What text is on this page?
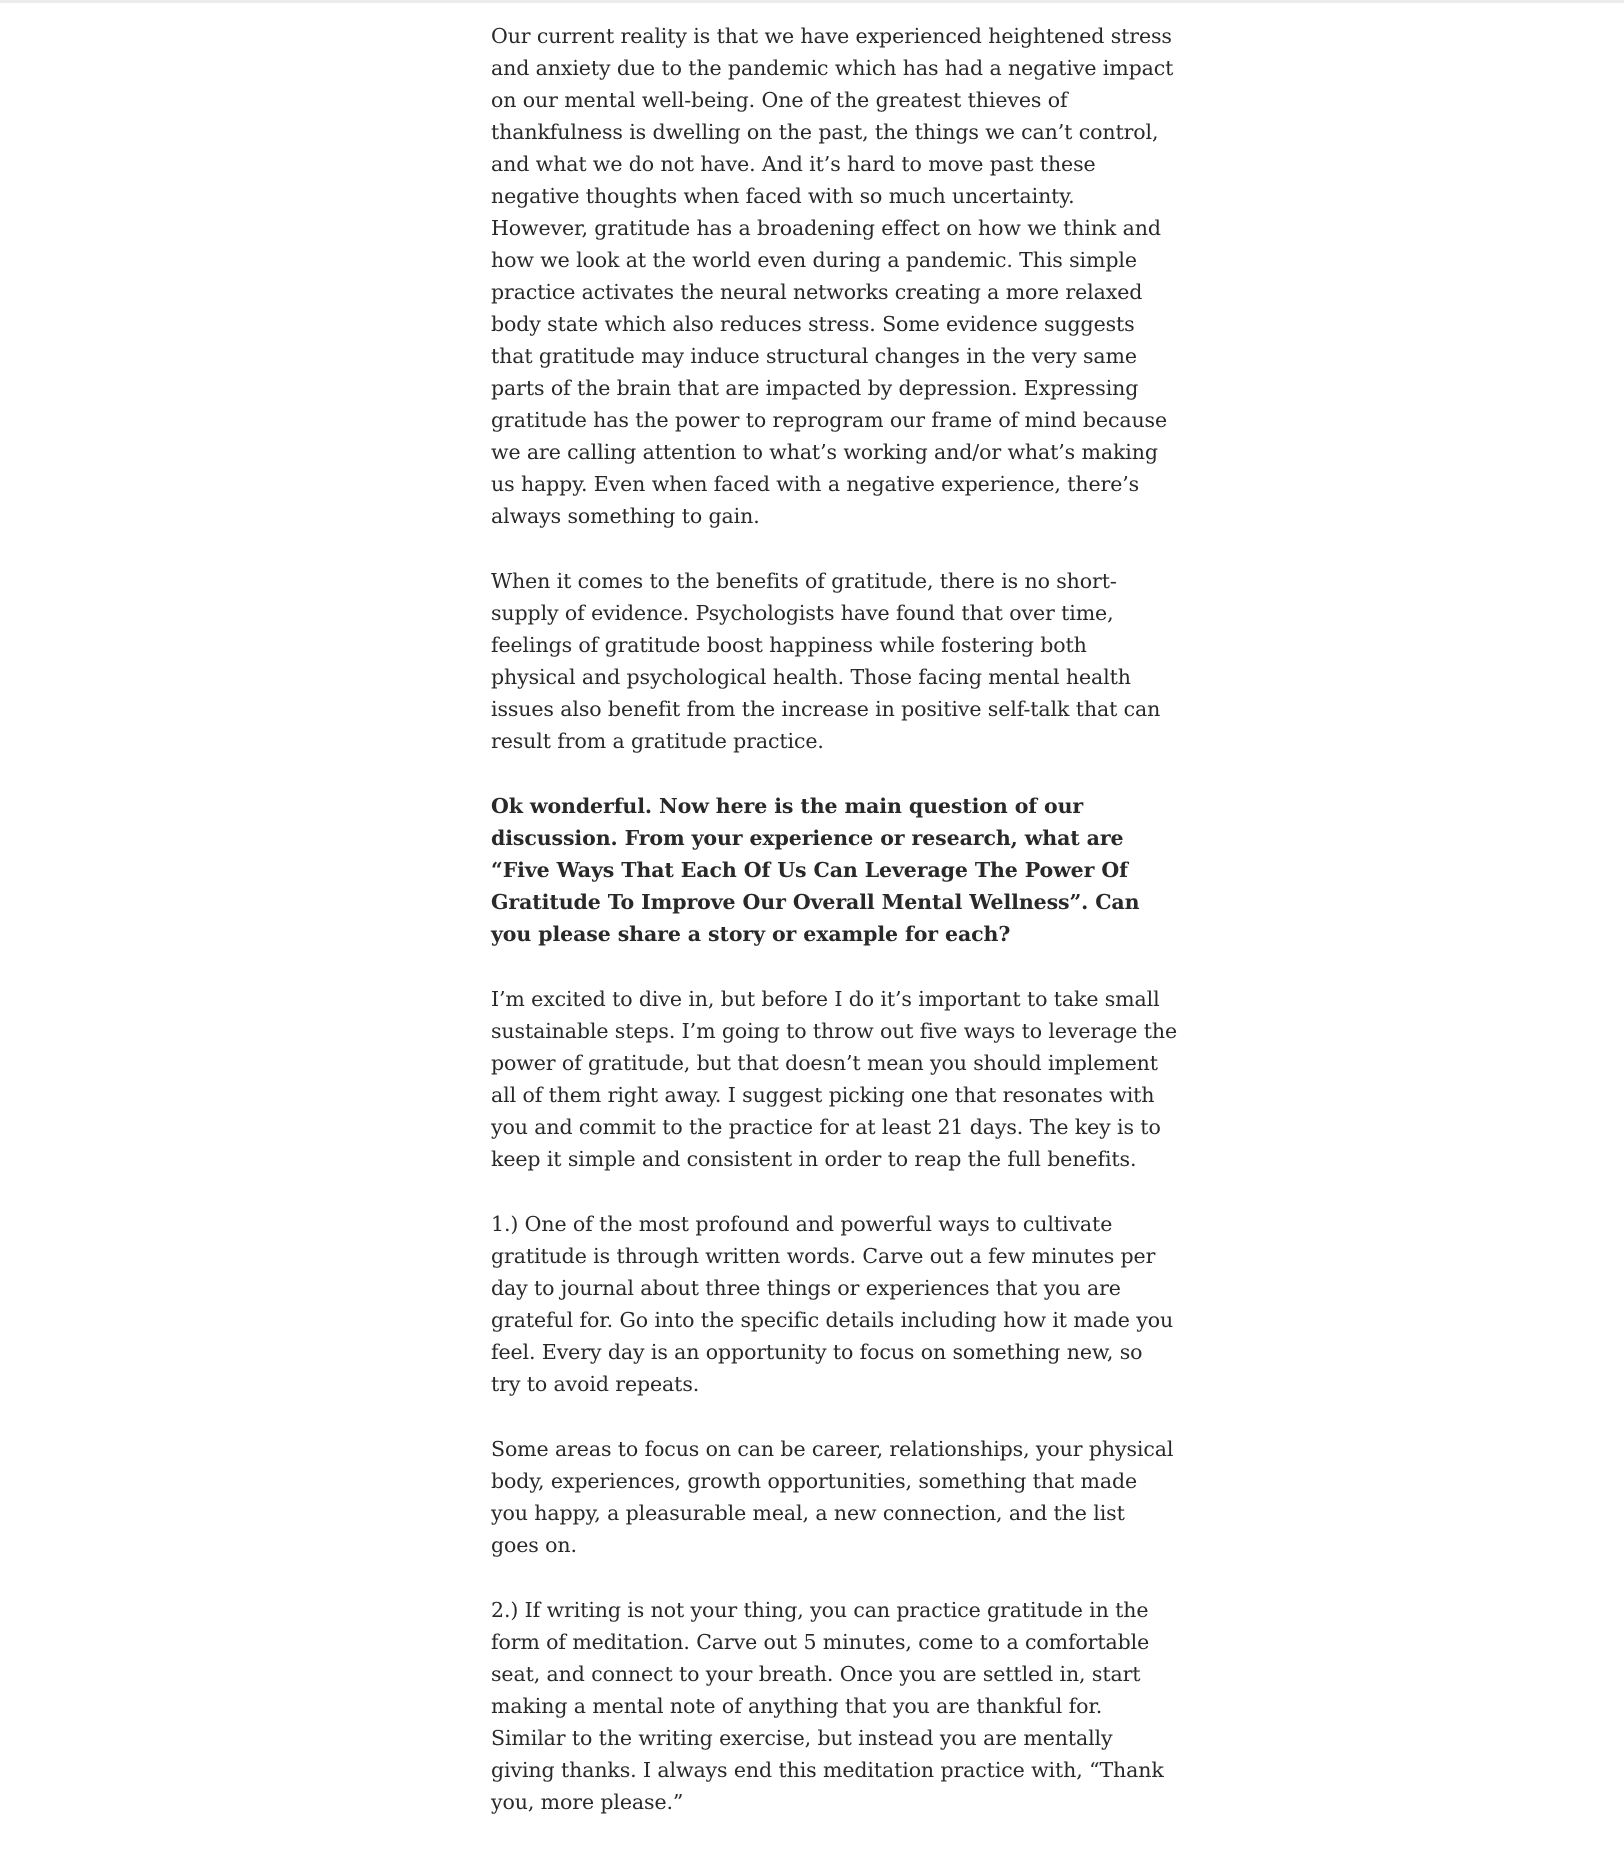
Our current reality is that we have experienced heightened stress and anxiety due to the pandemic which has had a negative impact on our mental well-being. One of the greatest thieves of thankfulness is dwelling on the past, the things we can’t control, and what we do not have. And it’s hard to move past these negative thoughts when faced with so much uncertainty. However, gratitude has a broadening effect on how we think and how we look at the world even during a pandemic. This simple practice activates the neural networks creating a more relaxed body state which also reduces stress. Some evidence suggests that gratitude may induce structural changes in the very same parts of the brain that are impacted by depression. Expressing gratitude has the power to reprogram our frame of mind because we are calling attention to what’s working and/or what’s making us happy. Even when faced with a negative experience, there’s always something to gain.

When it comes to the benefits of gratitude, there is no short-supply of evidence. Psychologists have found that over time, feelings of gratitude boost happiness while fostering both physical and psychological health. Those facing mental health issues also benefit from the increase in positive self-talk that can result from a gratitude practice.

Ok wonderful. Now here is the main question of our discussion. From your experience or research, what are “Five Ways That Each Of Us Can Leverage The Power Of Gratitude To Improve Our Overall Mental Wellness”. Can you please share a story or example for each?

I’m excited to dive in, but before I do it’s important to take small sustainable steps. I’m going to throw out five ways to leverage the power of gratitude, but that doesn’t mean you should implement all of them right away. I suggest picking one that resonates with you and commit to the practice for at least 21 days. The key is to keep it simple and consistent in order to reap the full benefits.

1.) One of the most profound and powerful ways to cultivate gratitude is through written words. Carve out a few minutes per day to journal about three things or experiences that you are grateful for. Go into the specific details including how it made you feel. Every day is an opportunity to focus on something new, so try to avoid repeats.

Some areas to focus on can be career, relationships, your physical body, experiences, growth opportunities, something that made you happy, a pleasurable meal, a new connection, and the list goes on.

2.) If writing is not your thing, you can practice gratitude in the form of meditation. Carve out 5 minutes, come to a comfortable seat, and connect to your breath. Once you are settled in, start making a mental note of anything that you are thankful for. Similar to the writing exercise, but instead you are mentally giving thanks. I always end this meditation practice with, “Thank you, more please.”
